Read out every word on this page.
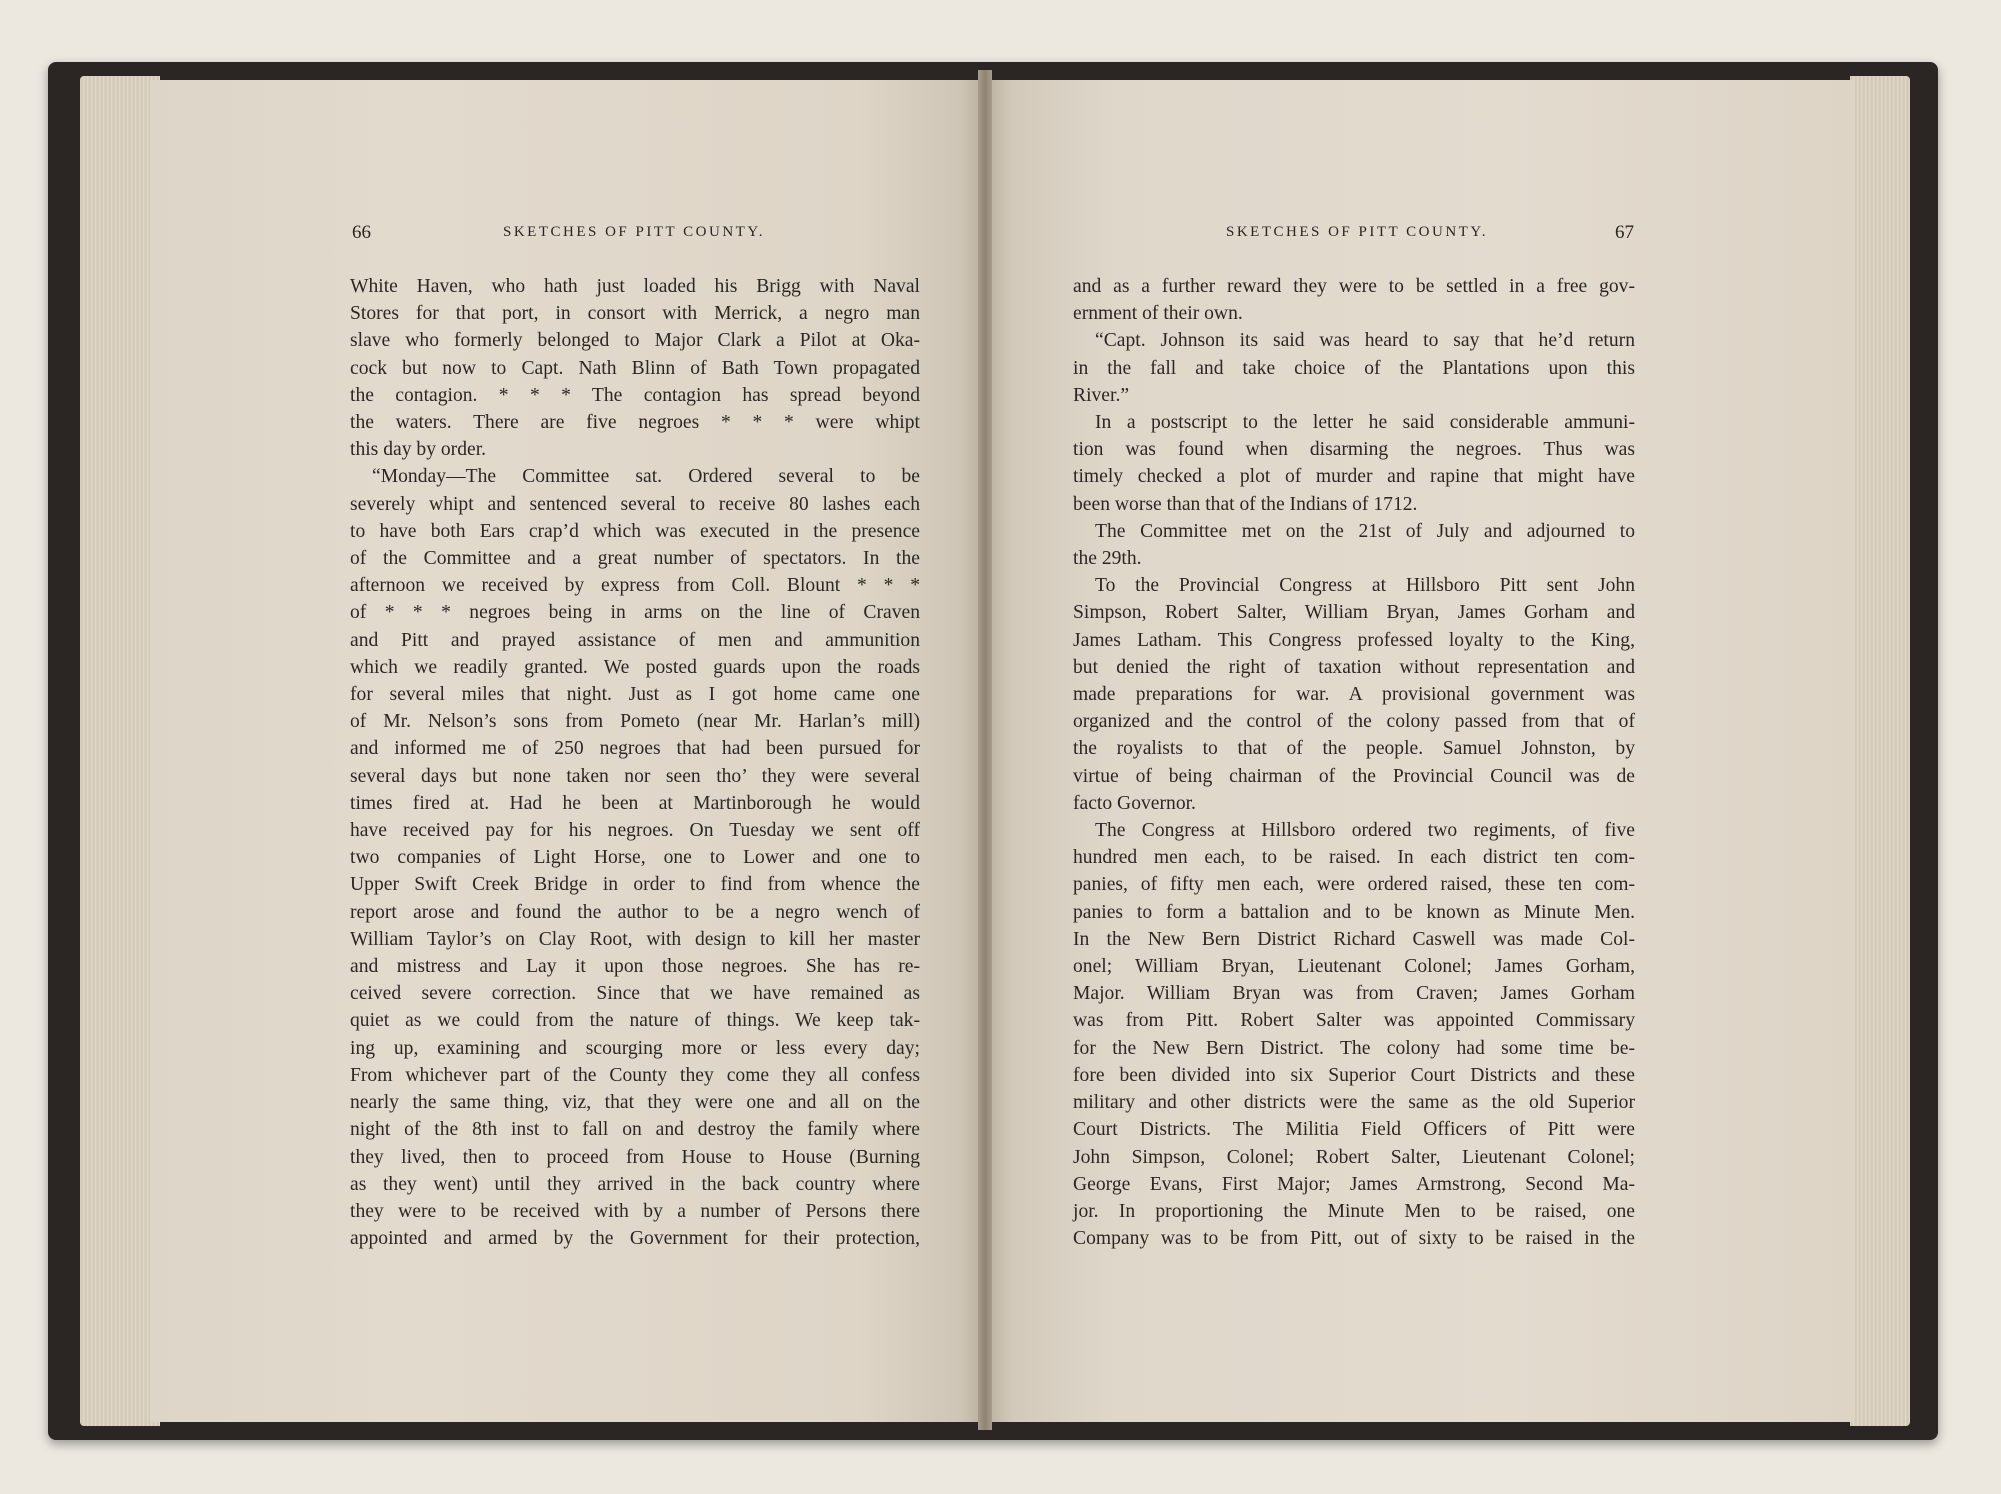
66	SKETCHES OF PITT COUNTY.	SKETCHES OF PITT COUNTY.	67
White Haven, who hath just loaded his Brigg with Naval
Stores for that port, in consort with Merrick, a negro man
slave who formerly belonged to Major Clark a Pilot at Oka-
cock but now to Capt. Nath Blinn of Bath Town propagated
the contagion. * * * The contagion has spread beyond
the waters. There are five negroes * * * were whipt
this day by order.
“Monday—The Committee sat. Ordered several to be
severely whipt and sentenced several to receive 80 lashes each
to have both Ears crap’d which was executed in the presence
of the Committee and a great number of spectators. In the
afternoon we received by express from Coll. Blount * * *
of * * * negroes being in arms on the line of Craven
and Pitt and prayed assistance of men and ammunition
which we readily granted. We posted guards upon the roads
for several miles that night. Just as I got home came one
of Mr. Nelson’s sons from Pometo (near Mr. Harlan’s mill)
and informed me of 250 negroes that had been pursued for
several days but none taken nor seen tho’ they were several
times fired at. Had he been at Martinborough he would
have received pay for his negroes. On Tuesday we sent off
two companies of Light Horse, one to Lower and one to
Upper Swift Creek Bridge in order to find from whence the
report arose and found the author to be a negro wench of
William Taylor’s on Clay Root, with design to kill her master
and mistress and Lay it upon those negroes. She has re-
ceived severe correction. Since that we have remained as
quiet as we could from the nature of things. We keep tak-
ing up, examining and scourging more or less every day;
From whichever part of the County they come they all confess
nearly the same thing, viz, that they were one and all on the
night of the 8th inst to fall on and destroy the family where
they lived, then to proceed from House to House (Burning
as they went) until they arrived in the back country where
they were to be received with by a number of Persons there
appointed and armed by the Government for their protection,
and as a further reward they were to be settled in a free gov-
ernment of their own.
“Capt. Johnson its said was heard to say that he’d return
in the fall and take choice of the Plantations upon this
River.”
In a postscript to the letter he said considerable ammuni-
tion was found when disarming the negroes. Thus was
timely checked a plot of murder and rapine that might have
been worse than that of the Indians of 1712.
The Committee met on the 21st of July and adjourned to
the 29th.
To the Provincial Congress at Hillsboro Pitt sent John
Simpson, Robert Salter, William Bryan, James Gorham and
James Latham. This Congress professed loyalty to the King,
but denied the right of taxation without representation and
made preparations for war. A provisional government was
organized and the control of the colony passed from that of
the royalists to that of the people. Samuel Johnston, by
virtue of being chairman of the Provincial Council was de
facto Governor.
The Congress at Hillsboro ordered two regiments, of five
hundred men each, to be raised. In each district ten com-
panies, of fifty men each, were ordered raised, these ten com-
panies to form a battalion and to be known as Minute Men.
In the New Bern District Richard Caswell was made Col-
onel; William Bryan, Lieutenant Colonel; James Gorham,
Major. William Bryan was from Craven; James Gorham
was from Pitt. Robert Salter was appointed Commissary
for the New Bern District. The colony had some time be-
fore been divided into six Superior Court Districts and these
military and other districts were the same as the old Superior
Court Districts. The Militia Field Officers of Pitt were
John Simpson, Colonel; Robert Salter, Lieutenant Colonel;
George Evans, First Major; James Armstrong, Second Ma-
jor. In proportioning the Minute Men to be raised, one
Company was to be from Pitt, out of sixty to be raised in the
